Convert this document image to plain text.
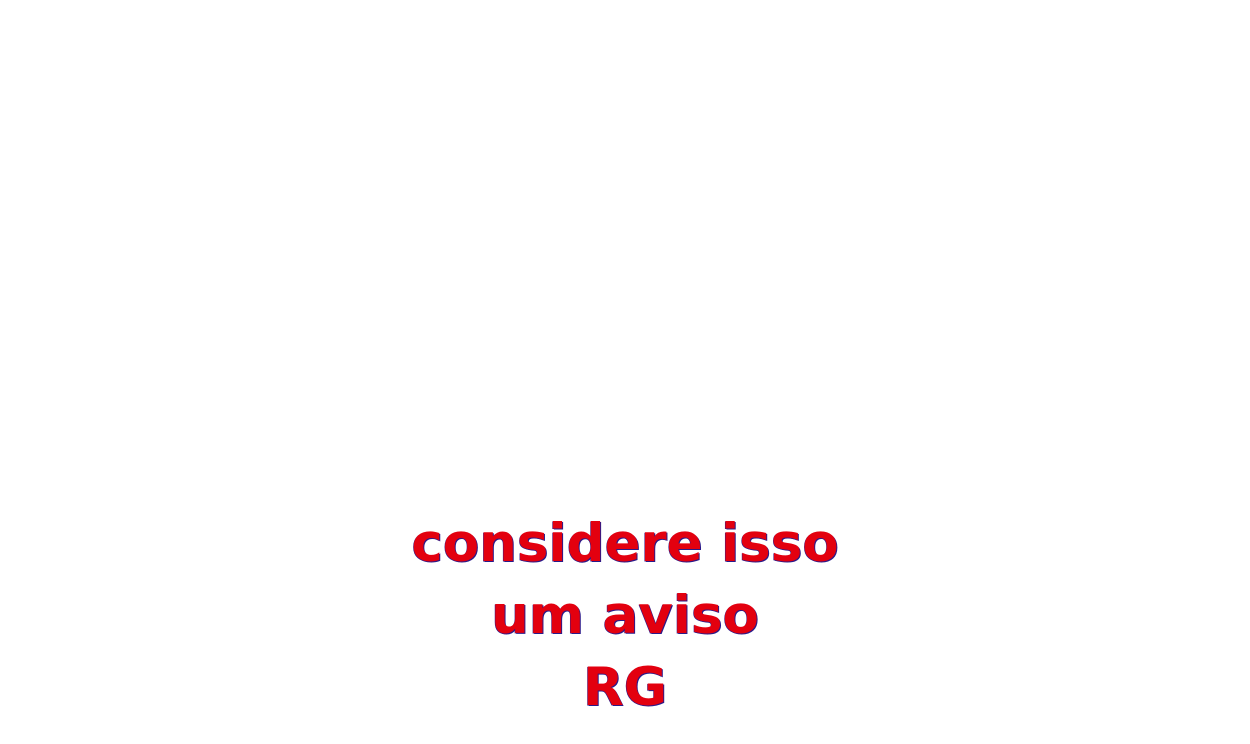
considere isso
um aviso
RG
